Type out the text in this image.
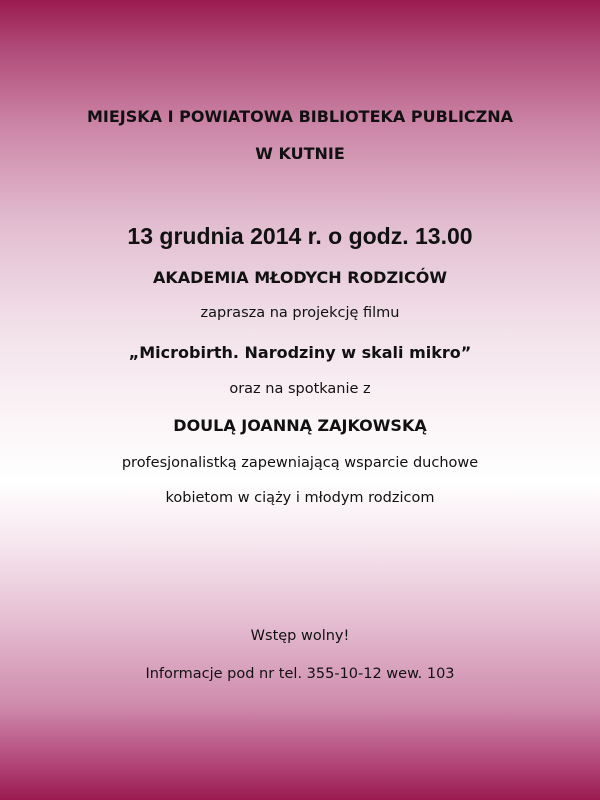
MIEJSKA I POWIATOWA BIBLIOTEKA PUBLICZNA
W KUTNIE
13 grudnia 2014 r. o godz. 13.00
AKADEMIA MŁODYCH RODZICÓW
zaprasza na projekcję filmu
„Microbirth. Narodziny w skali mikro”
oraz na spotkanie z
DOULĄ JOANNĄ ZAJKOWSKĄ
profesjonalistką zapewniającą wsparcie duchowe
kobietom w ciąży i młodym rodzicom
Wstęp wolny!
Informacje pod nr tel. 355-10-12 wew. 103
